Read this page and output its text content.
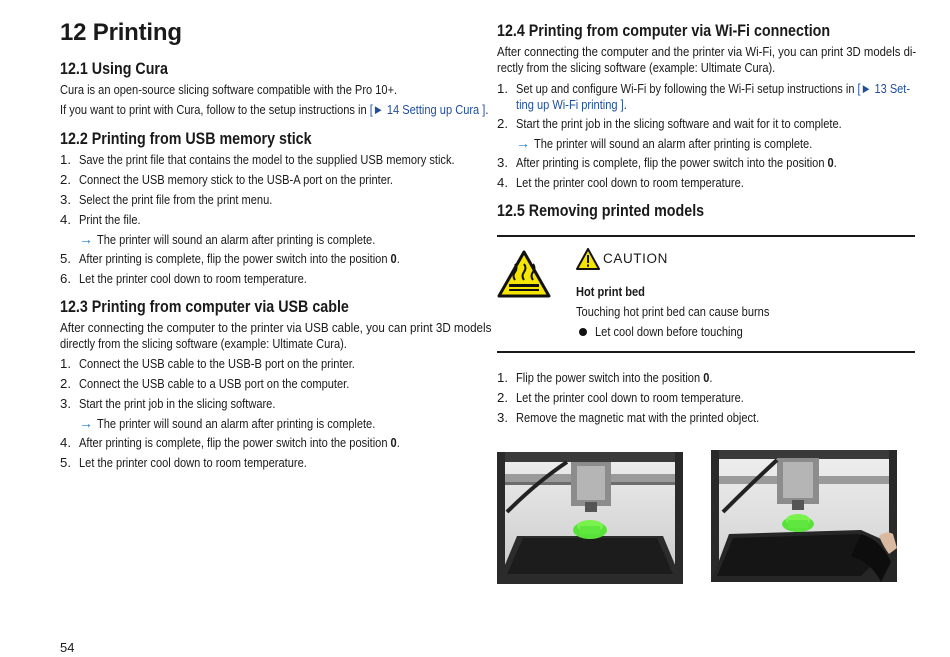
12 Printing
12.1 Using Cura
Cura is an open-source slicing software compatible with the Pro 10+.
If you want to print with Cura, follow to the setup instructions in [► 14 Setting up Cura ].
12.2 Printing from USB memory stick
1. Save the print file that contains the model to the supplied USB memory stick.
2. Connect the USB memory stick to the USB-A port on the printer.
3. Select the print file from the print menu.
4. Print the file.
→ The printer will sound an alarm after printing is complete.
5. After printing is complete, flip the power switch into the position 0.
6. Let the printer cool down to room temperature.
12.3 Printing from computer via USB cable
After connecting the computer to the printer via USB cable, you can print 3D models
directly from the slicing software (example: Ultimate Cura).
1. Connect the USB cable to the USB-B port on the printer.
2. Connect the USB cable to a USB port on the computer.
3. Start the print job in the slicing software.
→ The printer will sound an alarm after printing is complete.
4. After printing is complete, flip the power switch into the position 0.
5. Let the printer cool down to room temperature.
54
12.4 Printing from computer via Wi-Fi connection
After connecting the computer and the printer via Wi-Fi, you can print 3D models di-
rectly from the slicing software (example: Ultimate Cura).
1. Set up and configure Wi-Fi by following the Wi-Fi setup instructions in [► 13 Set-
ting up Wi-Fi printing ].
2. Start the print job in the slicing software and wait for it to complete.
→ The printer will sound an alarm after printing is complete.
3. After printing is complete, flip the power switch into the position 0.
4. Let the printer cool down to room temperature.
12.5 Removing printed models
CAUTION
Hot print bed
Touching hot print bed can cause burns
Let cool down before touching
1. Flip the power switch into the position 0.
2. Let the printer cool down to room temperature.
3. Remove the magnetic mat with the printed object.
